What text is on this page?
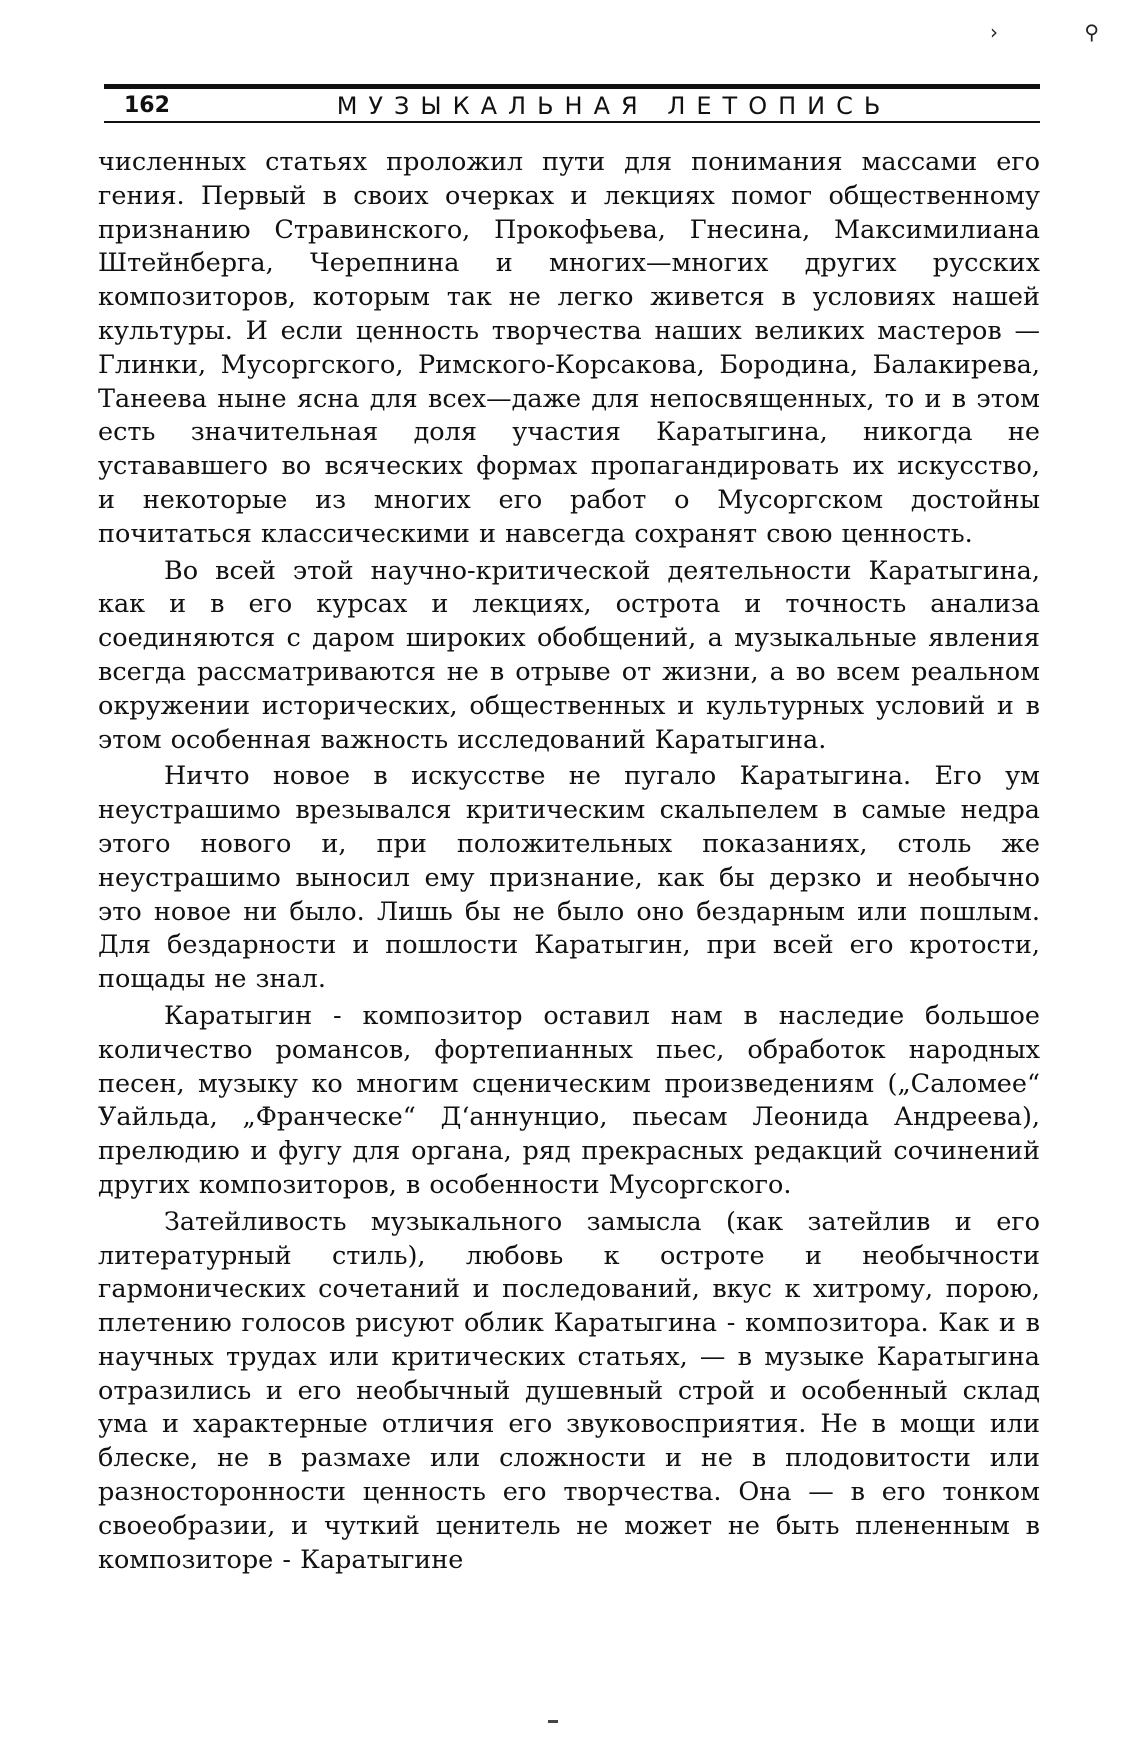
› ⚲
162	МУЗЫКАЛЬНАЯ ЛЕТОПИСЬ

численных статьях проложил пути для понимания массами его гения. Первый в своих очерках и лекциях помог общественному признанию Стравинского, Прокофьева, Гнесина, Максимилиана Штейнберга, Черепнина и многих—многих других русских композиторов, которым так не легко живется в условиях нашей культуры. И если ценность творчества наших великих мастеров — Глинки, Мусоргского, Римского-Корсакова, Бородина, Балакирева, Танеева ныне ясна для всех—даже для непосвященных, то и в этом есть значительная доля участия Каратыгина, никогда не устававшего во всяческих формах пропагандировать их искусство, и некоторые из многих его работ о Мусоргском достойны почитаться классическими и навсегда сохранят свою ценность.

Во всей этой научно-критической деятельности Каратыгина, как и в его курсах и лекциях, острота и точность анализа соединяются с даром широких обобщений, а музыкальные явления всегда рассматриваются не в отрыве от жизни, а во всем реальном окружении исторических, общественных и культурных условий и в этом особенная важность исследований Каратыгина.

Ничто новое в искусстве не пугало Каратыгина. Его ум неустрашимо врезывался критическим скальпелем в самые недра этого нового и, при положительных показаниях, столь же неустрашимо выносил ему признание, как бы дерзко и необычно это новое ни было. Лишь бы не было оно бездарным или пошлым. Для бездарности и пошлости Каратыгин, при всей его кротости, пощады не знал.

Каратыгин - композитор оставил нам в наследие большое количество романсов, фортепианных пьес, обработок народных песен, музыку ко многим сценическим произведениям („Саломее“ Уайльда, „Франческе“ Д‘аннунцио, пьесам Леонида Андреева), прелюдию и фугу для органа, ряд прекрасных редакций сочинений других композиторов, в особенности Мусоргского.

Затейливость музыкального замысла (как затейлив и его литературный стиль), любовь к остроте и необычности гармонических сочетаний и последований, вкус к хитрому, порою, плетению голосов рисуют облик Каратыгина - композитора. Как и в научных трудах или критических статьях, — в музыке Каратыгина отразились и его необычный душевный строй и особенный склад ума и характерные отличия его звуковосприятия. Не в мощи или блеске, не в размахе или сложности и не в плодовитости или разносторонности ценность его творчества. Она — в его тонком своеобразии, и чуткий ценитель не может не быть плененным в композиторе - Каратыгине
